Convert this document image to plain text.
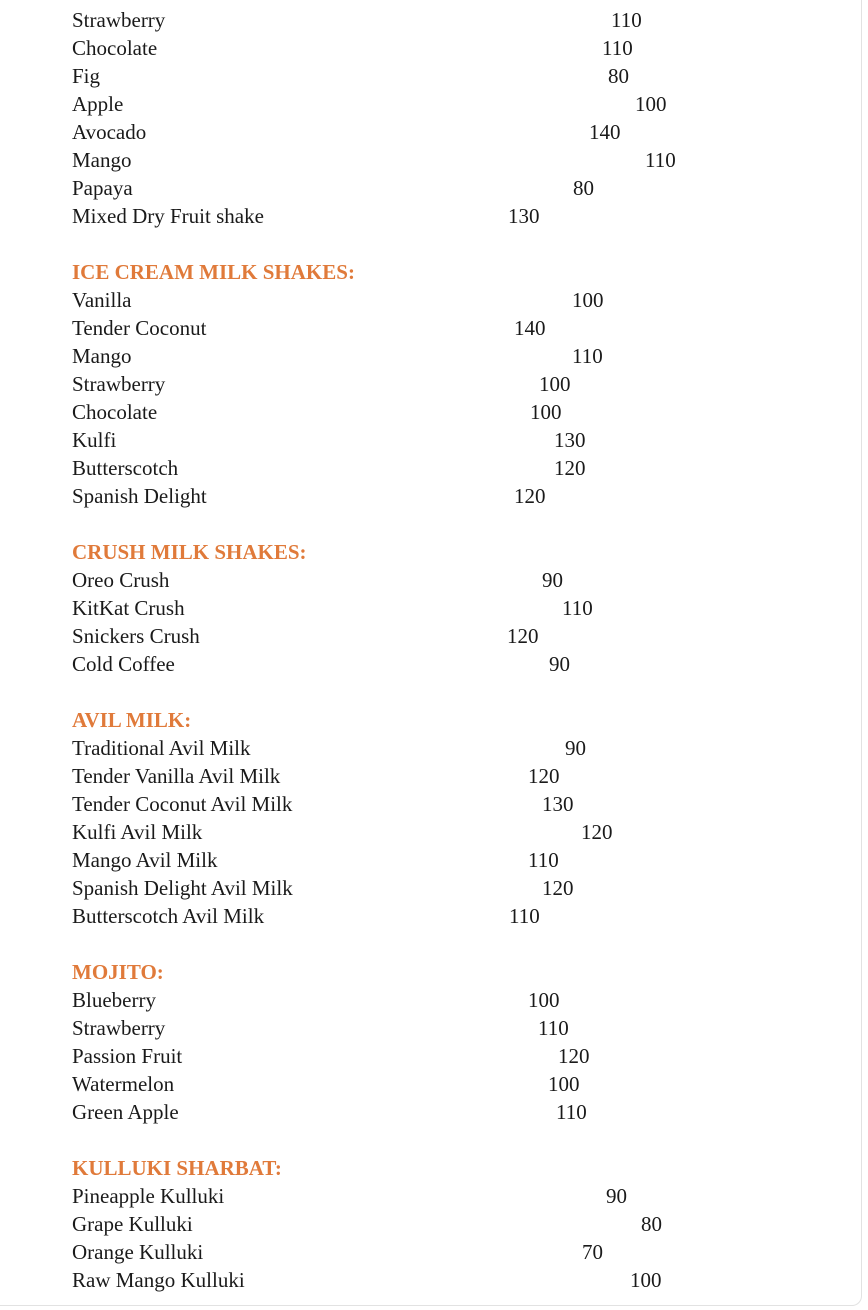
Strawberry	110
Chocolate	110
Fig	80
Apple	100
Avocado	140
Mango	110
Papaya	80
Mixed Dry Fruit shake	130
ICE CREAM MILK SHAKES:
Vanilla	100
Tender Coconut	140
Mango	110
Strawberry	100
Chocolate	100
Kulfi	130
Butterscotch	120
Spanish Delight	120
CRUSH MILK SHAKES:
Oreo Crush	90
KitKat Crush	110
Snickers Crush	120
Cold Coffee	90
AVIL MILK:
Traditional Avil Milk	90
Tender Vanilla Avil Milk	120
Tender Coconut Avil Milk	130
Kulfi Avil Milk	120
Mango Avil Milk	110
Spanish Delight Avil Milk	120
Butterscotch Avil Milk	110
MOJITO:
Blueberry	100
Strawberry	110
Passion Fruit	120
Watermelon	100
Green Apple	110
KULLUKI SHARBAT:
Pineapple Kulluki	90
Grape Kulluki	80
Orange Kulluki	70
Raw Mango Kulluki	100
